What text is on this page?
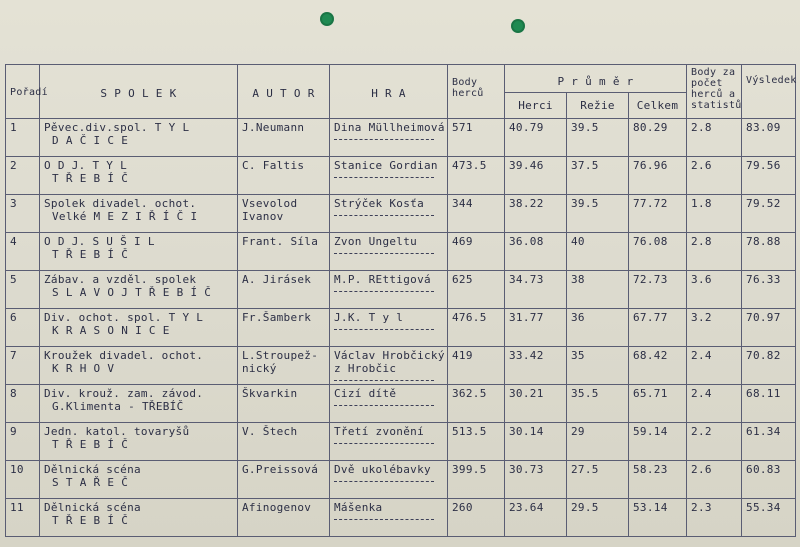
Pořadí	S P O L E K	A U T O R	H R A	Body herců	P r ů m ě r			Body za počet herců a statistů	Výsledek
					Herci	Režie	Celkem		
1	Pěvec.div.spol. T Y L
D A Č I C E	J.Neumann	Dina Müllheimová	571	40.79	39.5	80.29	2.8	83.09
2	O D J. T Y L
T Ř E B Í Č	C. Faltis	Stanice Gordian	473.5	39.46	37.5	76.96	2.6	79.56
3	Spolek divadel. ochot.
Velké M E Z I Ř Í Č I	Vsevolod
Ivanov	Strýček Kosťa	344	38.22	39.5	77.72	1.8	79.52
4	O D J. S U Š I L
T Ř E B Í Č	Frant. Síla	Zvon Ungeltu	469	36.08	40	76.08	2.8	78.88
5	Zábav. a vzděl. spolek
S L A V O J T Ř E B Í Č	A. Jirásek	M.P. REttigová	625	34.73	38	72.73	3.6	76.33
6	Div. ochot. spol. T Y L
K R A S O N I C E	Fr.Šamberk	J.K. T y l	476.5	31.77	36	67.77	3.2	70.97
7	Kroužek divadel. ochot.
K R H O V	L.Stroupež-
nický	Václav Hrobčický
z Hrobčic	419	33.42	35	68.42	2.4	70.82
8	Div. krouž. zam. závod.
G.Klimenta - TŘEBÍČ	Škvarkin	Cizí dítě	362.5	30.21	35.5	65.71	2.4	68.11
9	Jedn. katol. tovaryšů
T Ř E B Í Č	V. Štech	Třetí zvonění	513.5	30.14	29	59.14	2.2	61.34
10	Dělnická scéna
S T A Ř E Č	G.Preissová	Dvě ukolébavky	399.5	30.73	27.5	58.23	2.6	60.83
11	Dělnická scéna
T Ř E B Í Č	Afinogenov	Mášenka	260	23.64	29.5	53.14	2.3	55.34
